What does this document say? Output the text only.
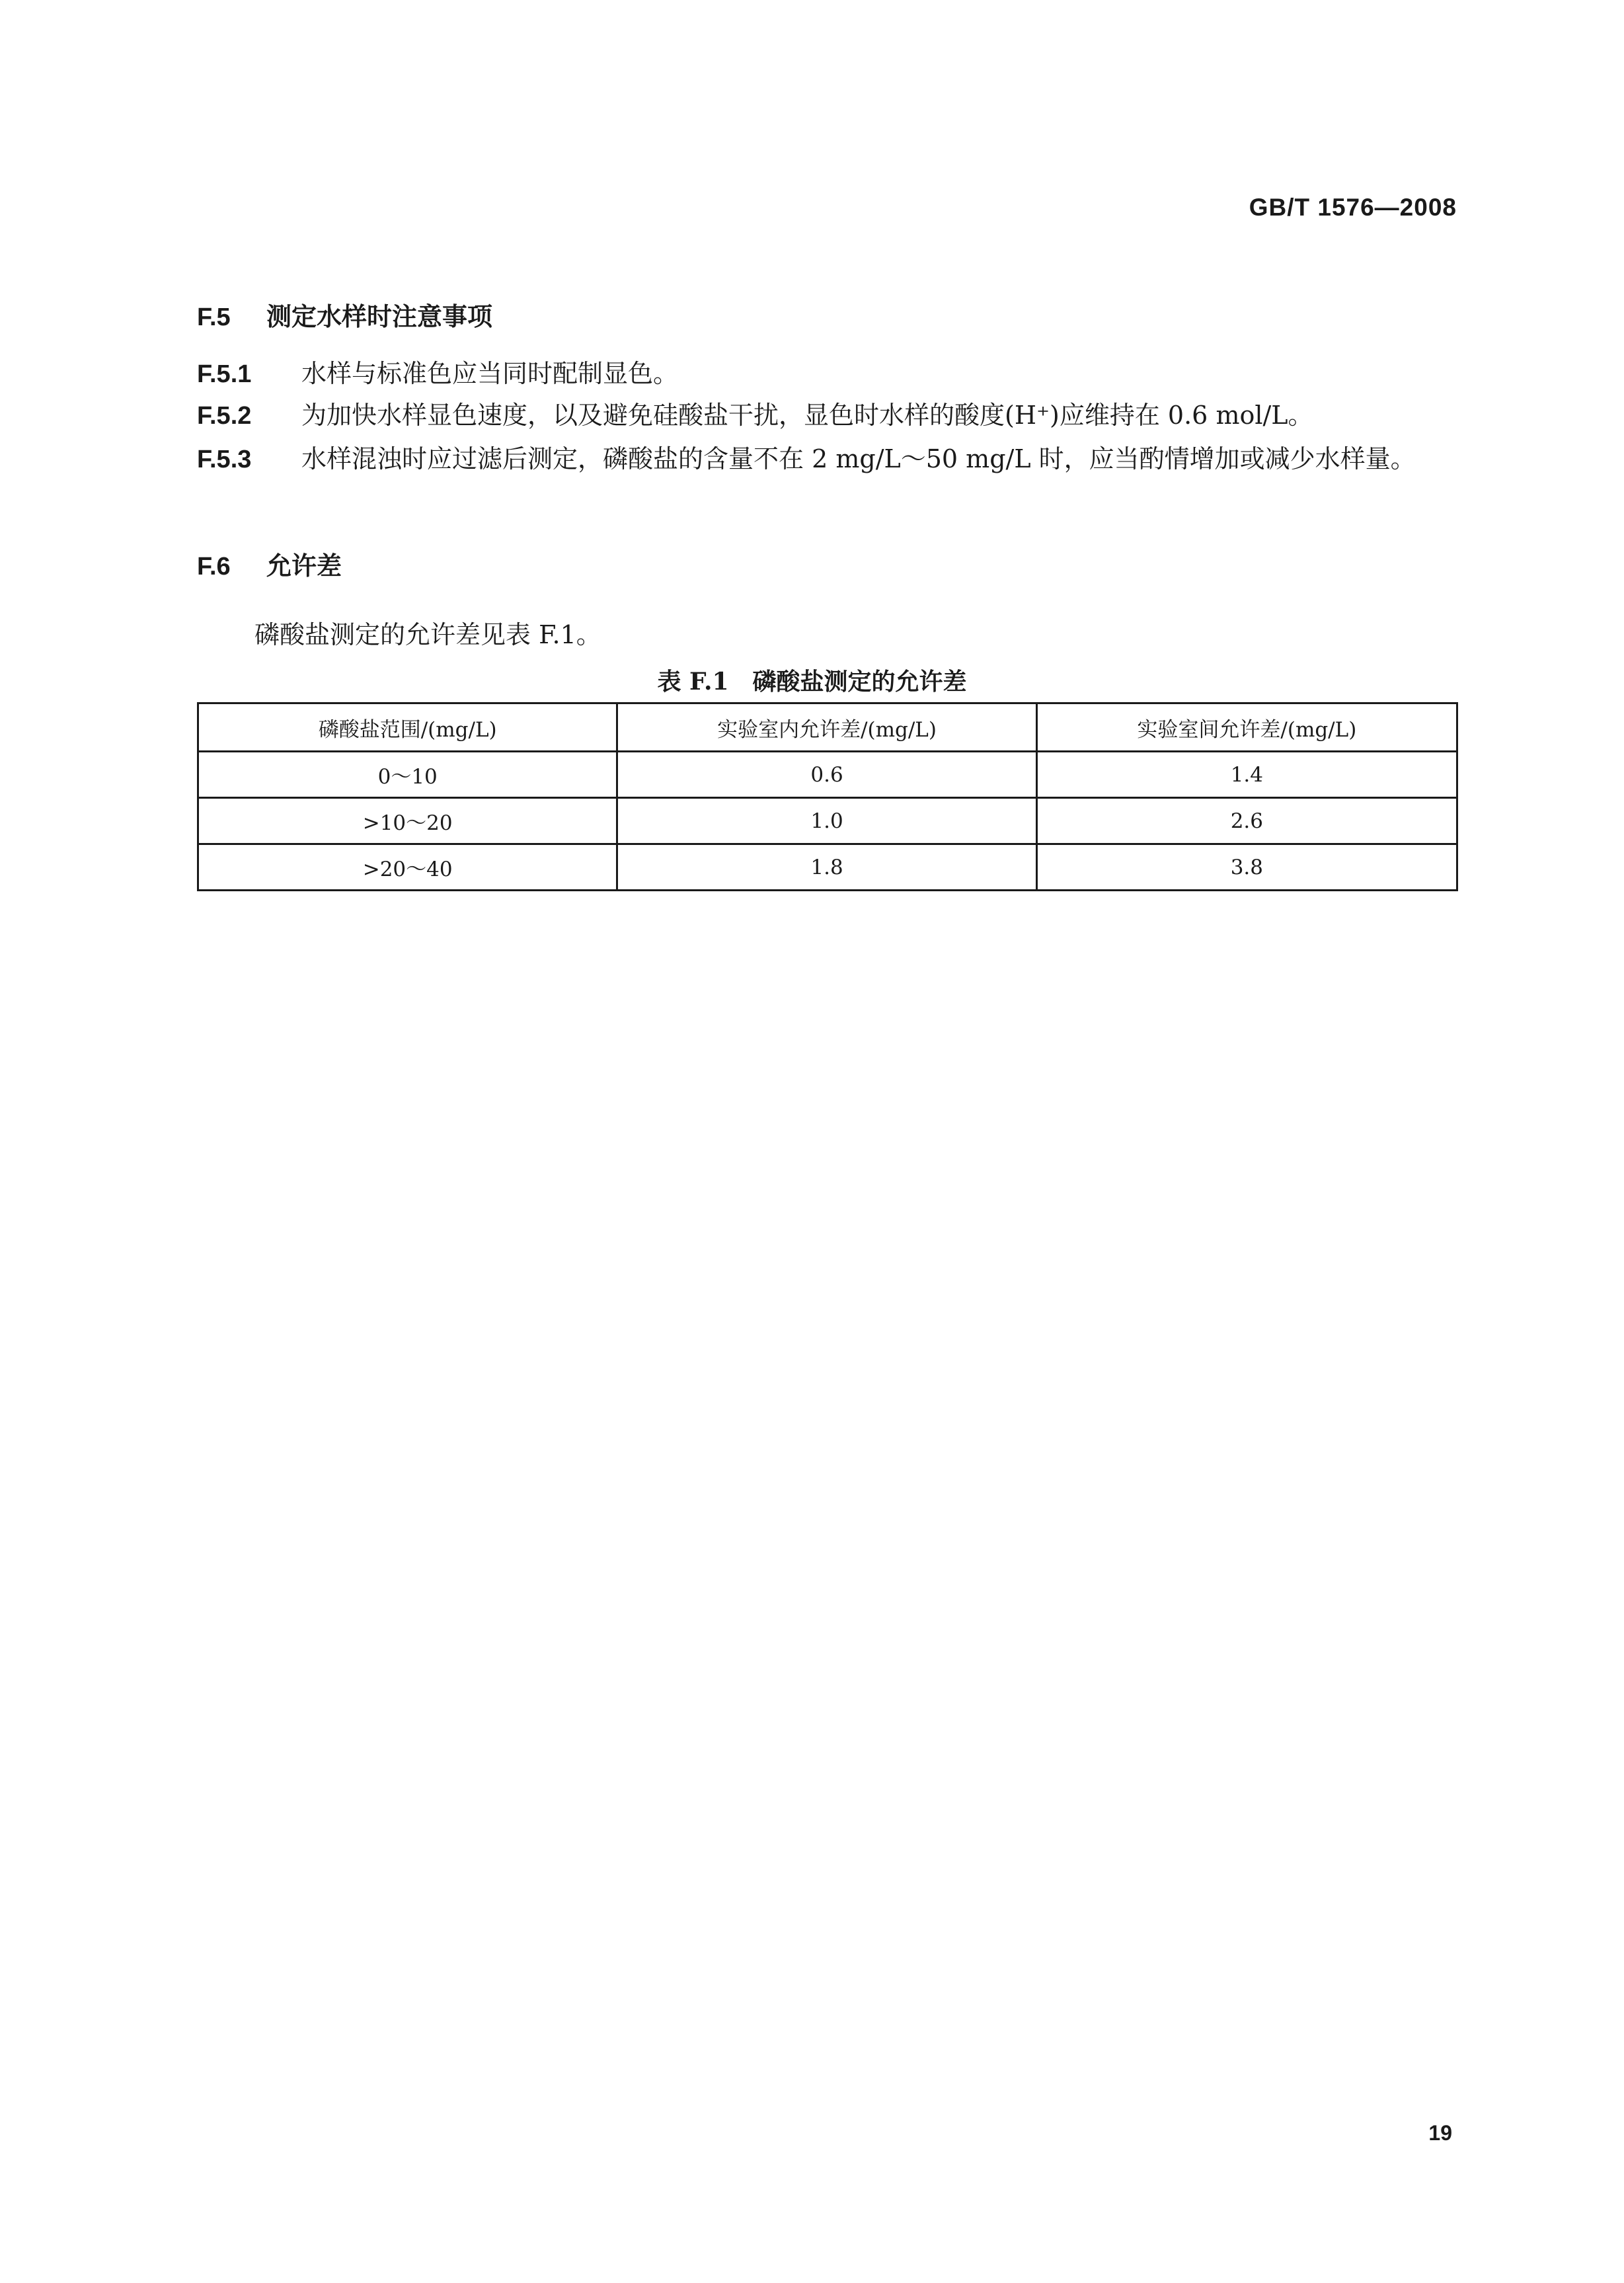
GB/T 1576—2008
F.5 测定水样时注意事项
F.5.1 水样与标准色应当同时配制显色。
F.5.2 为加快水样显色速度，以及避免硅酸盐干扰，显色时水样的酸度(H⁺)应维持在 0.6 mol/L。
F.5.3 水样混浊时应过滤后测定，磷酸盐的含量不在 2 mg/L～50 mg/L 时，应当酌情增加或减少水样量。
F.6 允许差
磷酸盐测定的允许差见表 F.1。
表 F.1　磷酸盐测定的允许差
磷酸盐范围/(mg/L)	实验室内允许差/(mg/L)	实验室间允许差/(mg/L)
0～10	0.6	1.4
>10～20	1.0	2.6
>20～40	1.8	3.8
19
